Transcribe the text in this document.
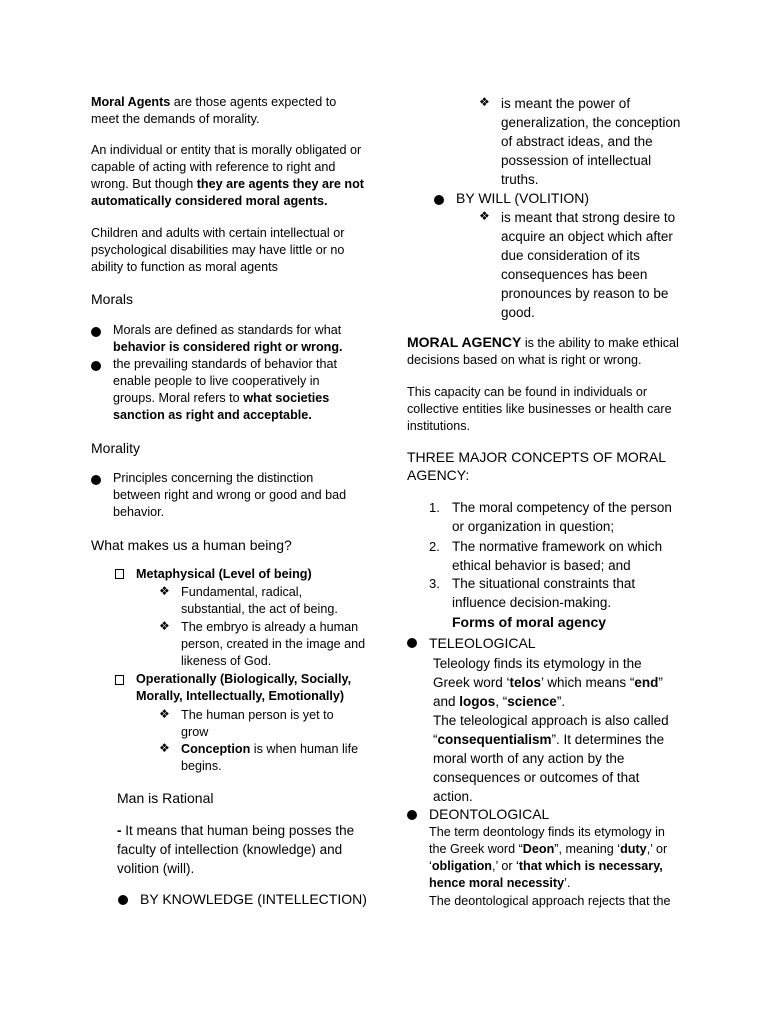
Moral Agents are those agents expected to meet the demands of morality.

An individual or entity that is morally obligated or capable of acting with reference to right and wrong. But though they are agents they are not automatically considered moral agents.

Children and adults with certain intellectual or psychological disabilities may have little or no ability to function as moral agents

Morals

Morals are defined as standards for what behavior is considered right or wrong.

the prevailing standards of behavior that enable people to live cooperatively in groups. Moral refers to what societies sanction as right and acceptable.

Morality

Principles concerning the distinction between right and wrong or good and bad behavior.

What makes us a human being?

Metaphysical (Level of being)

❖ Fundamental, radical, substantial, the act of being.

❖ The embryo is already a human person, created in the image and likeness of God.

Operationally (Biologically, Socially, Morally, Intellectually, Emotionally)

❖ The human person is yet to grow

❖ Conception is when human life begins.

Man is Rational

- It means that human being posses the faculty of intellection (knowledge) and volition (will).

BY KNOWLEDGE (INTELLECTION)

❖ is meant the power of generalization, the conception of abstract ideas, and the possession of intellectual truths.

BY WILL (VOLITION)

❖ is meant that strong desire to acquire an object which after due consideration of its consequences has been pronounces by reason to be good.

MORAL AGENCY is the ability to make ethical decisions based on what is right or wrong.

This capacity can be found in individuals or collective entities like businesses or health care institutions.

THREE MAJOR CONCEPTS OF MORAL AGENCY:

1. The moral competency of the person or organization in question;

2. The normative framework on which ethical behavior is based; and

3. The situational constraints that influence decision-making.

Forms of moral agency

TELEOLOGICAL

Teleology finds its etymology in the Greek word ‘telos’ which means “end” and logos, “science”.

The teleological approach is also called “consequentialism”. It determines the moral worth of any action by the consequences or outcomes of that action.

DEONTOLOGICAL

The term deontology finds its etymology in the Greek word “Deon”, meaning ‘duty,’ or ‘obligation,’ or ‘that which is necessary, hence moral necessity’.

The deontological approach rejects that the
